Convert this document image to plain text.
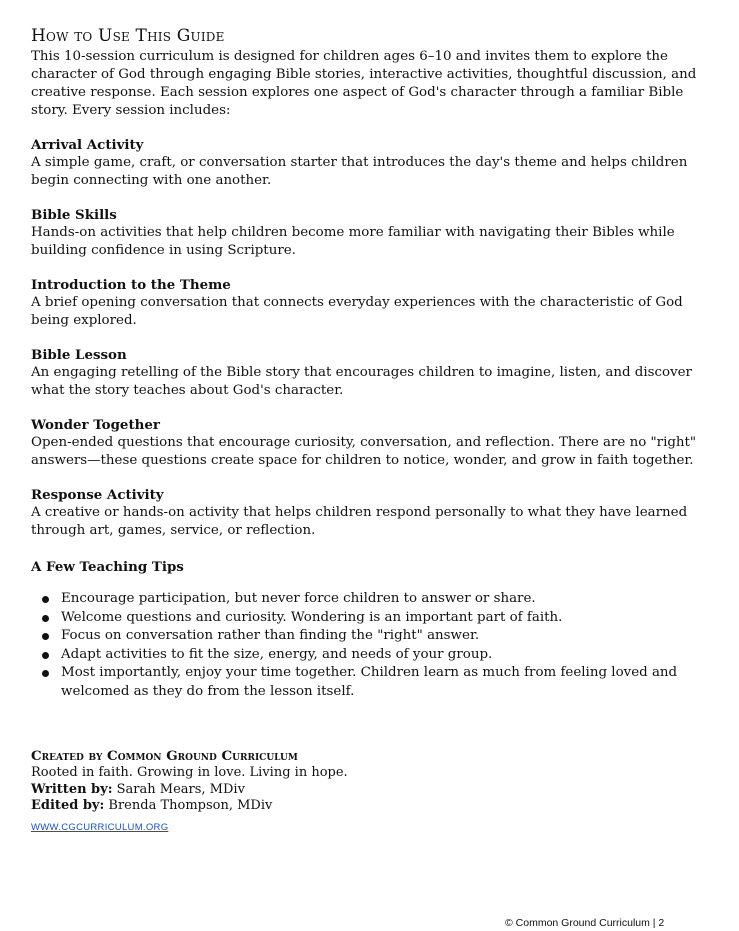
How to Use This Guide

This 10-session curriculum is designed for children ages 6–10 and invites them to explore the character of God through engaging Bible stories, interactive activities, thoughtful discussion, and creative response. Each session explores one aspect of God's character through a familiar Bible story. Every session includes:

Arrival Activity

A simple game, craft, or conversation starter that introduces the day's theme and helps children begin connecting with one another.

Bible Skills

Hands-on activities that help children become more familiar with navigating their Bibles while building confidence in using Scripture.

Introduction to the Theme

A brief opening conversation that connects everyday experiences with the characteristic of God being explored.

Bible Lesson

An engaging retelling of the Bible story that encourages children to imagine, listen, and discover what the story teaches about God's character.

Wonder Together

Open-ended questions that encourage curiosity, conversation, and reflection. There are no "right" answers—these questions create space for children to notice, wonder, and grow in faith together.

Response Activity

A creative or hands-on activity that helps children respond personally to what they have learned through art, games, service, or reflection.

A Few Teaching Tips

Encourage participation, but never force children to answer or share.
Welcome questions and curiosity. Wondering is an important part of faith.
Focus on conversation rather than finding the "right" answer.
Adapt activities to fit the size, energy, and needs of your group.
Most importantly, enjoy your time together. Children learn as much from feeling loved and welcomed as they do from the lesson itself.

Created by Common Ground Curriculum

Rooted in faith. Growing in love. Living in hope.

Written by: Sarah Mears, MDiv

Edited by: Brenda Thompson, MDiv

WWW.CGCURRICULUM.ORG
© Common Ground Curriculum | 2
